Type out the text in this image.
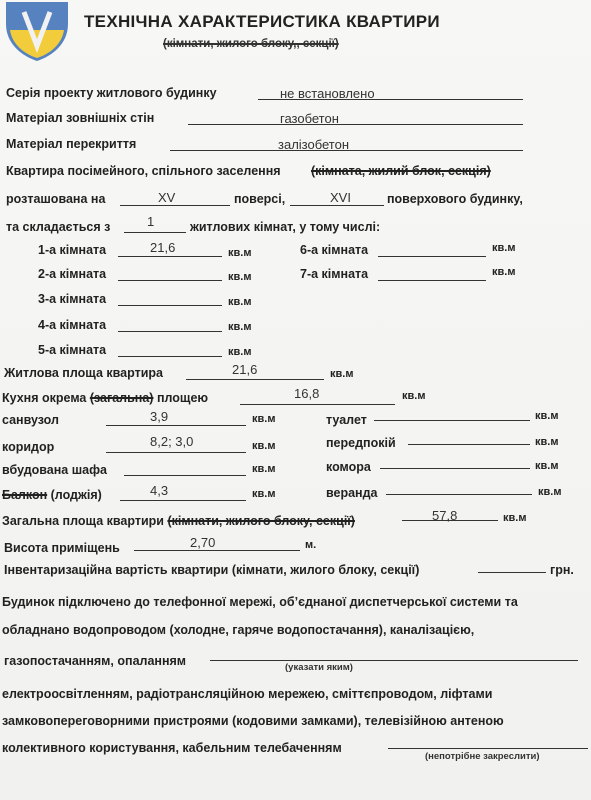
ТЕХНІЧНА ХАРАКТЕРИСТИКА КВАРТИРИ
(кімнати, жилого блоку,, секції)
Серія проекту житлового будинку	не встановлено
Матеріал зовнішніх стін	газобетон
Матеріал перекриття	залізобетон
Квартира посімейного, спільного заселення (кімната, жилий блок, секція)
розташована на	XV	поверсі,	XVI	поверхового будинку,
та складається з	1	житлових кімнат, у тому числі:
1-а кімната	21,6	кв.м
2-а кімната	кв.м
3-а кімната	кв.м
4-а кімната	кв.м
5-а кімната	кв.м
6-а кімната	кв.м
7-а кімната	кв.м
Житлова площа квартира	21,6	кв.м
Кухня окрема (загальна) площею	16,8	кв.м
санвузол	3,9	кв.м	туалет	кв.м
коридор	8,2; 3,0	кв.м	передпокій	кв.м
вбудована шафа	кв.м	комора	кв.м
Балкон (лоджія)	4,3	кв.м	веранда	кв.м
Загальна площа квартири (кімнати, жилого блоку, секції)	57,8	кв.м
Висота приміщень	2,70	м.
Інвентаризаційна вартість квартири (кімнати, жилого блоку, секції)	грн.
Будинок підключено до телефонної мережі, об’єднаної диспетчерської системи та
обладнано водопроводом (холодне, гаряче водопостачання), каналізацією,
газопостачанням, опаланням	(указати яким)
електроосвітленням, радіотрансляційною мережею, сміттєпроводом, ліфтами
замковопереговорними пристроями (кодовими замками), телевізійною антеною
колективного користування, кабельним телебаченням
(непотрібне закреслити)
